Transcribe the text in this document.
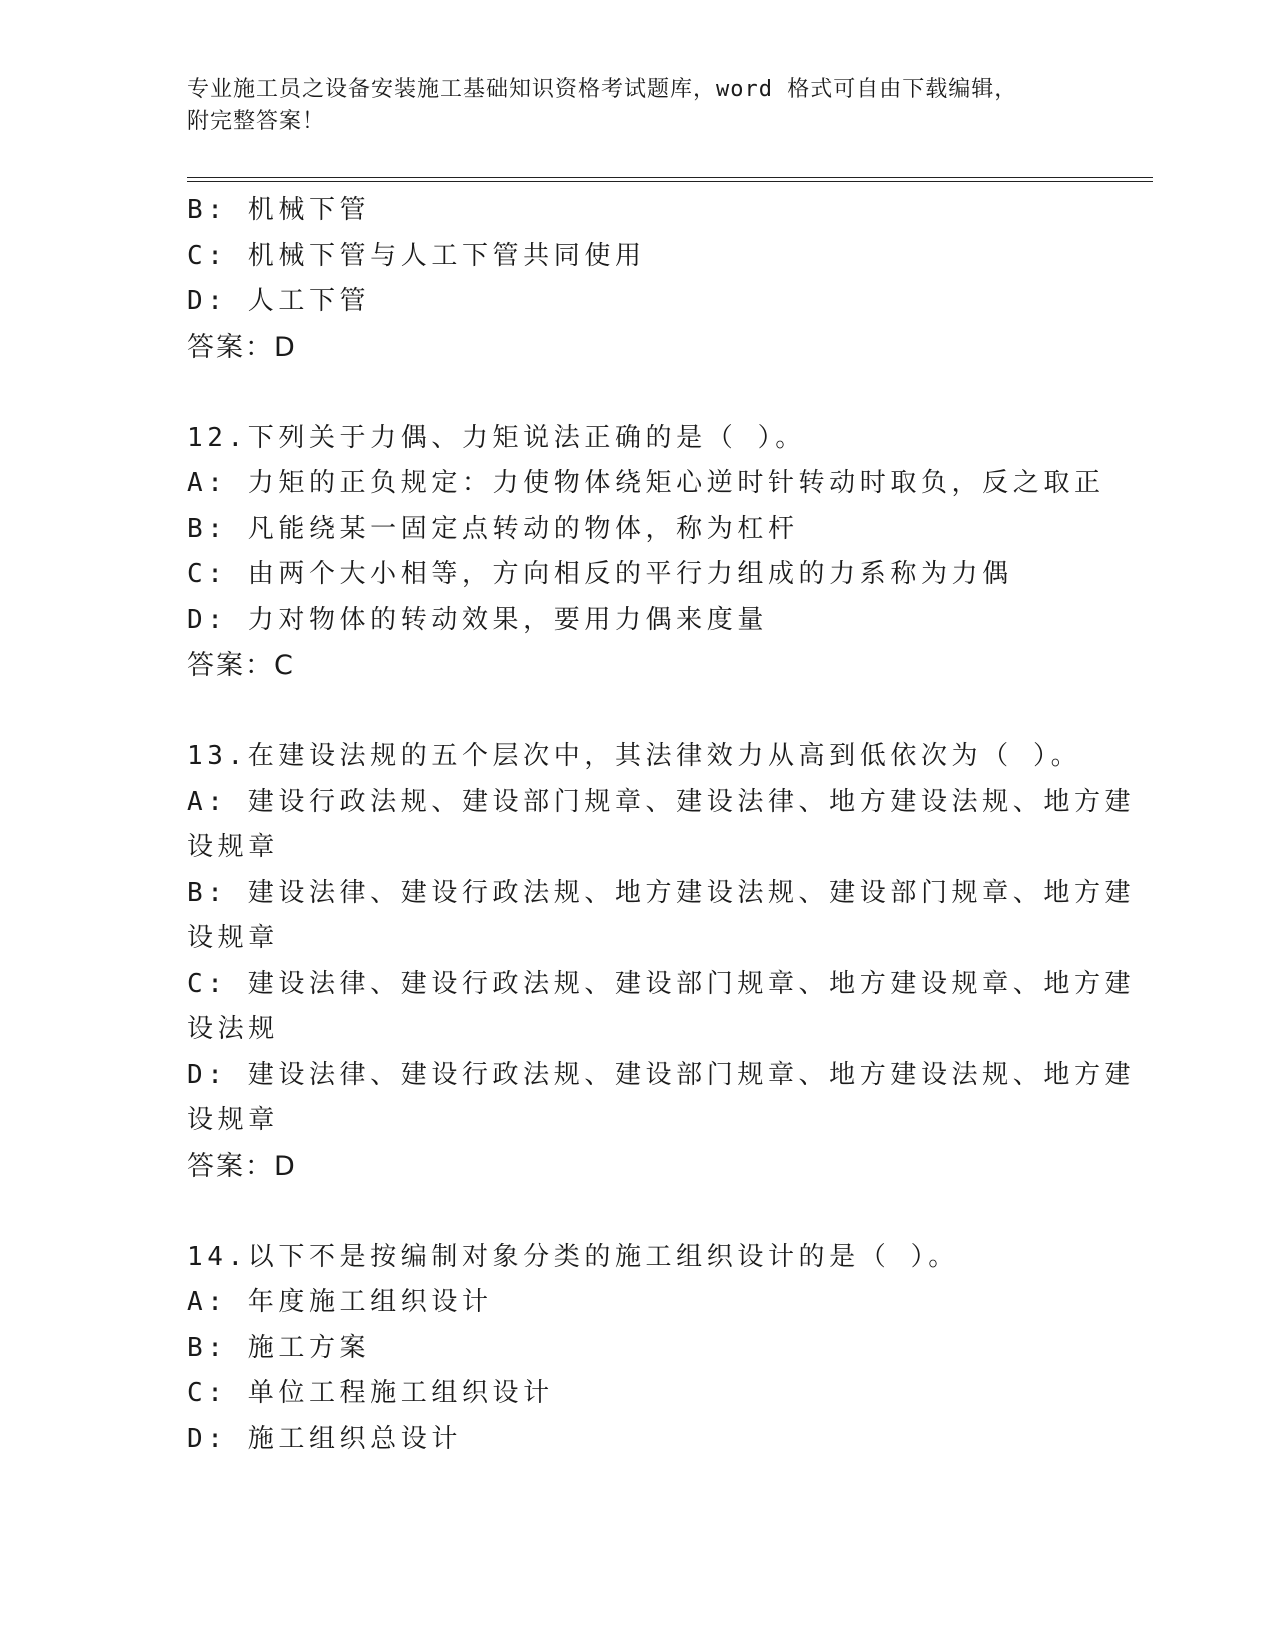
专业施工员之设备安装施工基础知识资格考试题库，word 格式可自由下载编辑，
附完整答案！
B: 机械下管
C: 机械下管与人工下管共同使用
D: 人工下管
答案：D
12.下列关于力偶、力矩说法正确的是（ ）。
A: 力矩的正负规定：力使物体绕矩心逆时针转动时取负，反之取正
B: 凡能绕某一固定点转动的物体，称为杠杆
C: 由两个大小相等，方向相反的平行力组成的力系称为力偶
D: 力对物体的转动效果，要用力偶来度量
答案：C
13.在建设法规的五个层次中，其法律效力从高到低依次为（ ）。
A: 建设行政法规、建设部门规章、建设法律、地方建设法规、地方建
设规章
B: 建设法律、建设行政法规、地方建设法规、建设部门规章、地方建
设规章
C: 建设法律、建设行政法规、建设部门规章、地方建设规章、地方建
设法规
D: 建设法律、建设行政法规、建设部门规章、地方建设法规、地方建
设规章
答案：D
14.以下不是按编制对象分类的施工组织设计的是（ ）。
A: 年度施工组织设计
B: 施工方案
C: 单位工程施工组织设计
D: 施工组织总设计
